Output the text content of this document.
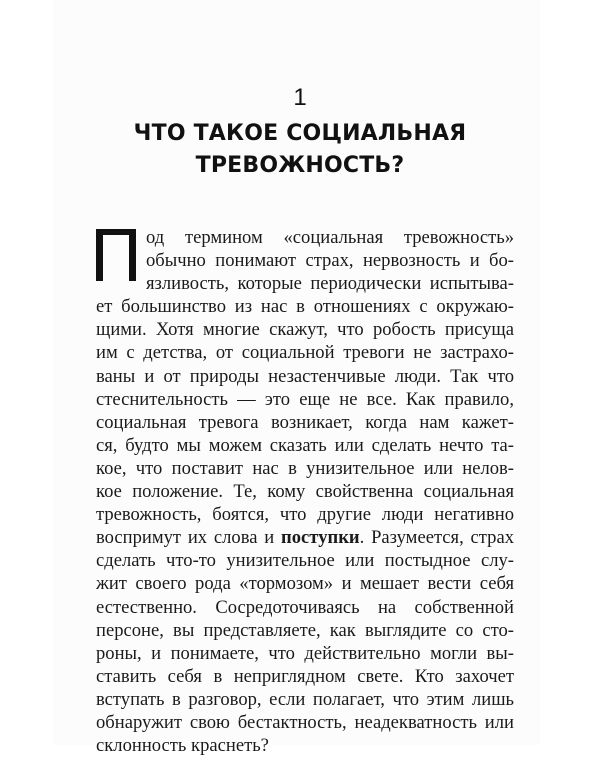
1
ЧТО ТАКОЕ СОЦИАЛЬНАЯ
ТРЕВОЖНОСТЬ?
од термином «социальная тревожность»
обычно понимают страх, нервозность и бо-
язливость, которые периодически испытыва-
ет большинство из нас в отношениях с окружаю-
щими. Хотя многие скажут, что робость присуща
им с детства, от социальной тревоги не застрахо-
ваны и от природы незастенчивые люди. Так что
стеснительность — это еще не все. Как правило,
социальная тревога возникает, когда нам кажет-
ся, будто мы можем сказать или сделать нечто та-
кое, что поставит нас в унизительное или нелов-
кое положение. Те, кому свойственна социальная
тревожность, боятся, что другие люди негативно
воспримут их слова и поступки. Разумеется, страх
сделать что-то унизительное или постыдное слу-
жит своего рода «тормозом» и мешает вести себя
естественно. Сосредоточиваясь на собственной
персоне, вы представляете, как выглядите со сто-
роны, и понимаете, что действительно могли вы-
ставить себя в неприглядном свете. Кто захочет
вступать в разговор, если полагает, что этим лишь
обнаружит свою бестактность, неадекватность или
склонность краснеть?
